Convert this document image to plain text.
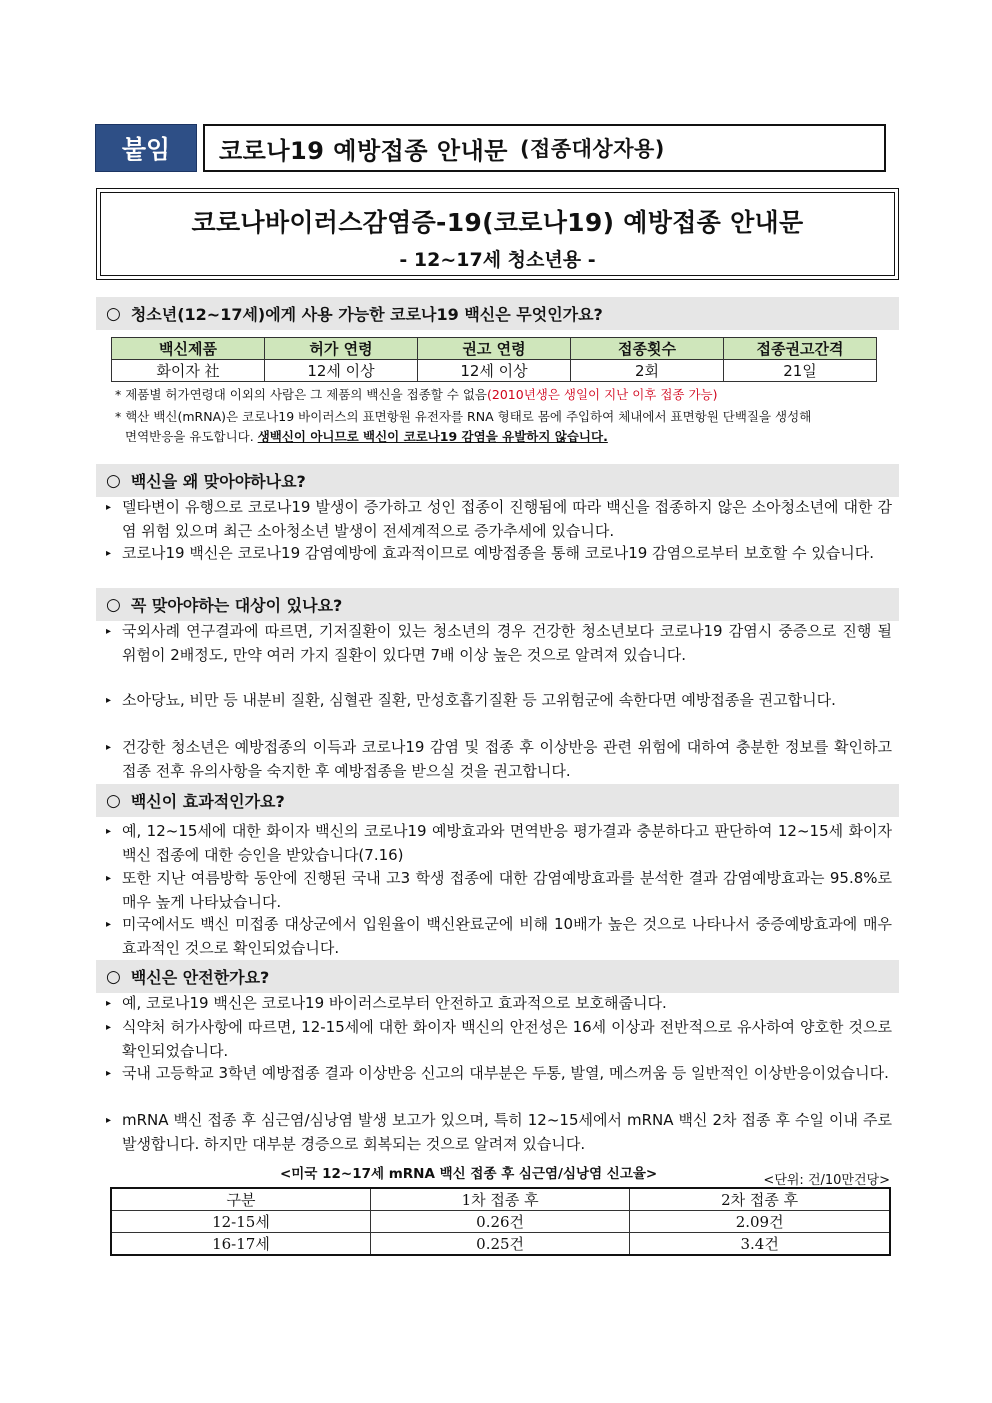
붙임	코로나19 예방접종 안내문 (접종대상자용)
코로나바이러스감염증-19(코로나19) 예방접종 안내문
- 12~17세 청소년용 -
○ 청소년(12~17세)에게 사용 가능한 코로나19 백신은 무엇인가요?
백신제품	허가 연령	권고 연령	접종횟수	접종권고간격
화이자 社	12세 이상	12세 이상	2회	21일
* 제품별 허가연령대 이외의 사람은 그 제품의 백신을 접종할 수 없음(2010년생은 생일이 지난 이후 접종 가능)
* 핵산 백신(mRNA)은 코로나19 바이러스의 표면항원 유전자를 RNA 형태로 몸에 주입하여 체내에서 표면항원 단백질을 생성해
면역반응을 유도합니다. 생백신이 아니므로 백신이 코로나19 감염을 유발하지 않습니다.
○ 백신을 왜 맞아야하나요?
▸ 델타변이 유행으로 코로나19 발생이 증가하고 성인 접종이 진행됨에 따라 백신을 접종하지 않은 소아청소년에 대한 감염 위험 있으며 최근 소아청소년 발생이 전세계적으로 증가추세에 있습니다.
▸ 코로나19 백신은 코로나19 감염예방에 효과적이므로 예방접종을 통해 코로나19 감염으로부터 보호할 수 있습니다.
○ 꼭 맞아야하는 대상이 있나요?
▸ 국외사례 연구결과에 따르면, 기저질환이 있는 청소년의 경우 건강한 청소년보다 코로나19 감염시 중증으로 진행 될 위험이 2배정도, 만약 여러 가지 질환이 있다면 7배 이상 높은 것으로 알려져 있습니다.
▸ 소아당뇨, 비만 등 내분비 질환, 심혈관 질환, 만성호흡기질환 등 고위험군에 속한다면 예방접종을 권고합니다.
▸ 건강한 청소년은 예방접종의 이득과 코로나19 감염 및 접종 후 이상반응 관련 위험에 대하여 충분한 정보를 확인하고 접종 전후 유의사항을 숙지한 후 예방접종을 받으실 것을 권고합니다.
○ 백신이 효과적인가요?
▸ 예, 12~15세에 대한 화이자 백신의 코로나19 예방효과와 면역반응 평가결과 충분하다고 판단하여 12~15세 화이자 백신 접종에 대한 승인을 받았습니다(7.16)
▸ 또한 지난 여름방학 동안에 진행된 국내 고3 학생 접종에 대한 감염예방효과를 분석한 결과 감염예방효과는 95.8%로 매우 높게 나타났습니다.
▸ 미국에서도 백신 미접종 대상군에서 입원율이 백신완료군에 비해 10배가 높은 것으로 나타나서 중증예방효과에 매우 효과적인 것으로 확인되었습니다.
○ 백신은 안전한가요?
▸ 예, 코로나19 백신은 코로나19 바이러스로부터 안전하고 효과적으로 보호해줍니다.
▸ 식약처 허가사항에 따르면, 12-15세에 대한 화이자 백신의 안전성은 16세 이상과 전반적으로 유사하여 양호한 것으로 확인되었습니다.
▸ 국내 고등학교 3학년 예방접종 결과 이상반응 신고의 대부분은 두통, 발열, 메스꺼움 등 일반적인 이상반응이었습니다.
▸ mRNA 백신 접종 후 심근염/심낭염 발생 보고가 있으며, 특히 12~15세에서 mRNA 백신 2차 접종 후 수일 이내 주로 발생합니다. 하지만 대부분 경증으로 회복되는 것으로 알려져 있습니다.
<미국 12~17세 mRNA 백신 접종 후 심근염/심낭염 신고율>	<단위: 건/10만건당>
구분	1차 접종 후	2차 접종 후
12-15세	0.26건	2.09건
16-17세	0.25건	3.4건
